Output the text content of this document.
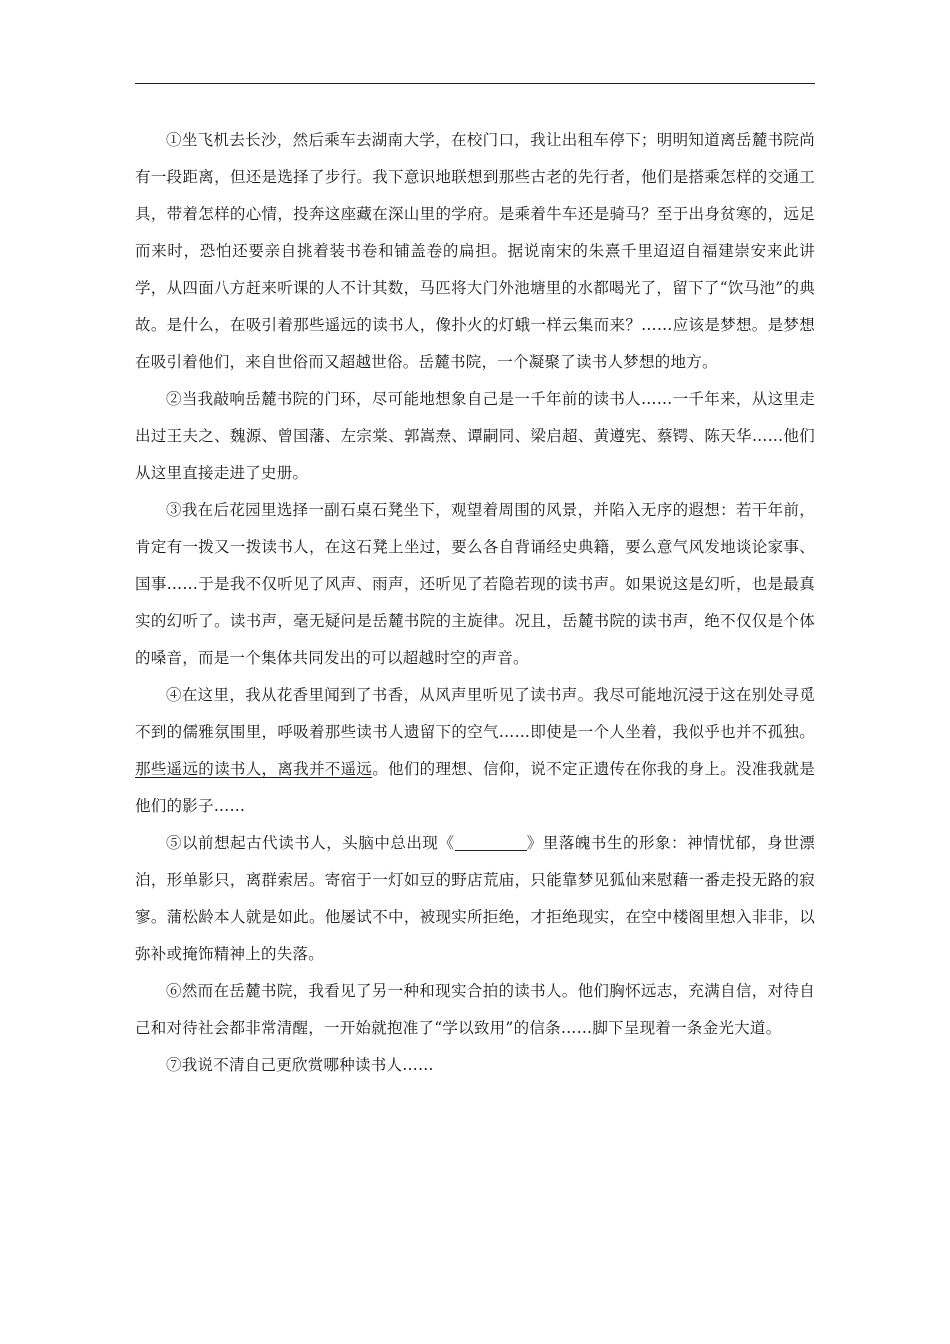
①坐飞机去长沙，然后乘车去湖南大学，在校门口，我让出租车停下；明明知道离岳麓书院尚有一段距离，但还是选择了步行。我下意识地联想到那些古老的先行者，他们是搭乘怎样的交通工具，带着怎样的心情，投奔这座藏在深山里的学府。是乘着牛车还是骑马？至于出身贫寒的，远足而来时，恐怕还要亲自挑着装书卷和铺盖卷的扁担。据说南宋的朱熹千里迢迢自福建崇安来此讲学，从四面八方赶来听课的人不计其数，马匹将大门外池塘里的水都喝光了，留下了“饮马池”的典故。是什么，在吸引着那些遥远的读书人，像扑火的灯蛾一样云集而来？……应该是梦想。是梦想在吸引着他们，来自世俗而又超越世俗。岳麓书院，一个凝聚了读书人梦想的地方。

②当我敲响岳麓书院的门环，尽可能地想象自己是一千年前的读书人……一千年来，从这里走出过王夫之、魏源、曾国藩、左宗棠、郭嵩焘、谭嗣同、梁启超、黄遵宪、蔡锷、陈天华……他们从这里直接走进了史册。

③我在后花园里选择一副石桌石凳坐下，观望着周围的风景，并陷入无序的遐想：若干年前，肯定有一拨又一拨读书人，在这石凳上坐过，要么各自背诵经史典籍，要么意气风发地谈论家事、国事……于是我不仅听见了风声、雨声，还听见了若隐若现的读书声。如果说这是幻听，也是最真实的幻听了。读书声，毫无疑问是岳麓书院的主旋律。况且，岳麓书院的读书声，绝不仅仅是个体的嗓音，而是一个集体共同发出的可以超越时空的声音。

④在这里，我从花香里闻到了书香，从风声里听见了读书声。我尽可能地沉浸于这在别处寻觅不到的儒雅氛围里，呼吸着那些读书人遗留下的空气……即使是一个人坐着，我似乎也并不孤独。那些遥远的读书人，离我并不遥远。他们的理想、信仰，说不定正遗传在你我的身上。没准我就是他们的影子……

⑤以前想起古代读书人，头脑中总出现《	》里落魄书生的形象：神情忧郁，身世漂泊，形单影只，离群索居。寄宿于一灯如豆的野店荒庙，只能靠梦见狐仙来慰藉一番走投无路的寂寥。蒲松龄本人就是如此。他屡试不中，被现实所拒绝，才拒绝现实，在空中楼阁里想入非非，以弥补或掩饰精神上的失落。

⑥然而在岳麓书院，我看见了另一种和现实合拍的读书人。他们胸怀远志，充满自信，对待自己和对待社会都非常清醒，一开始就抱准了“学以致用”的信条……脚下呈现着一条金光大道。

⑦我说不清自己更欣赏哪种读书人……
